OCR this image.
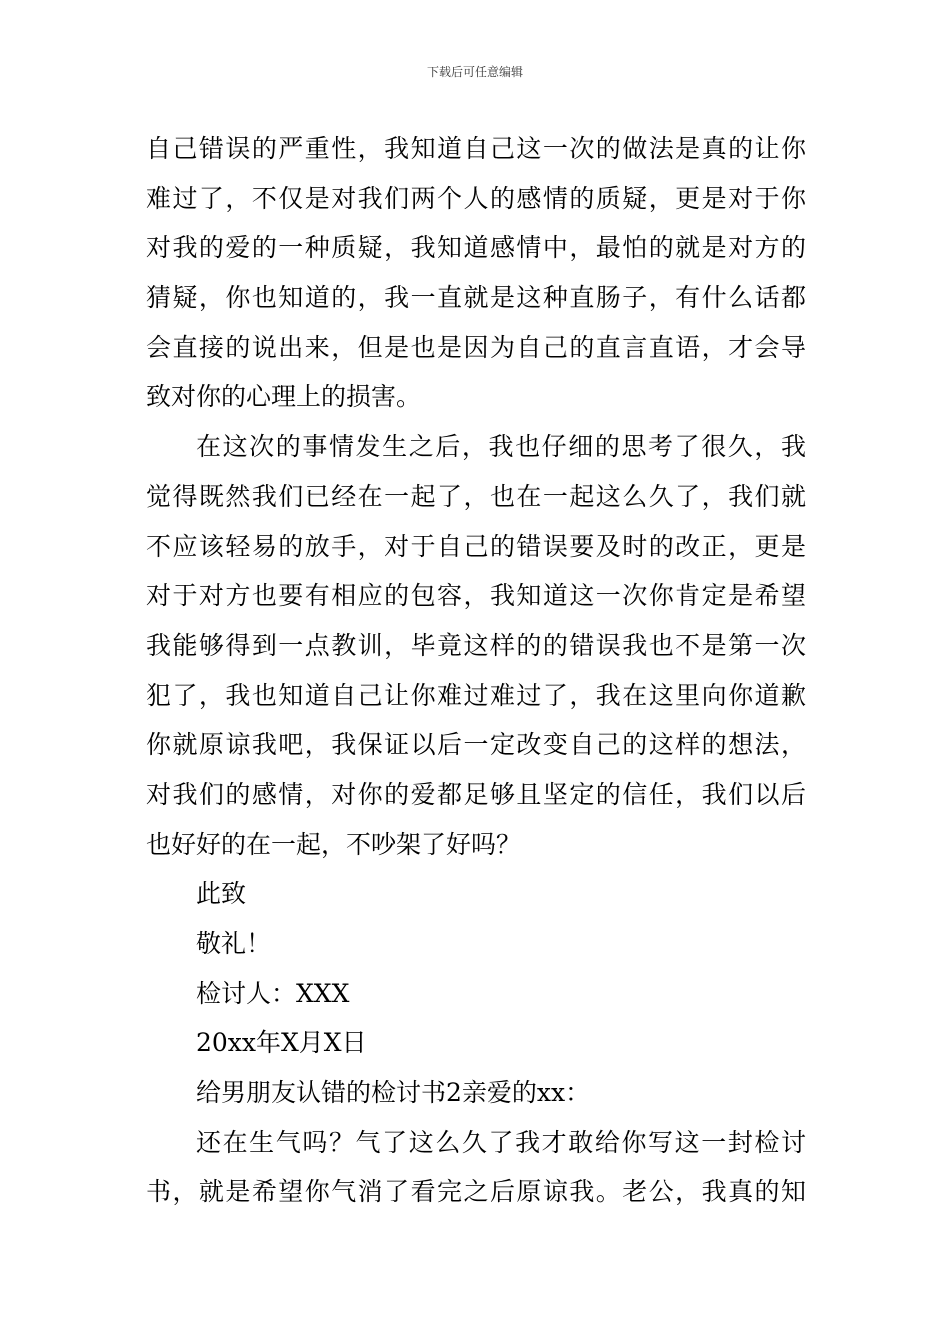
下载后可任意编辑
自己错误的严重性，我知道自己这一次的做法是真的让你
难过了，不仅是对我们两个人的感情的质疑，更是对于你
对我的爱的一种质疑，我知道感情中，最怕的就是对方的
猜疑，你也知道的，我一直就是这种直肠子，有什么话都
会直接的说出来，但是也是因为自己的直言直语，才会导
致对你的心理上的损害。
在这次的事情发生之后，我也仔细的思考了很久，我
觉得既然我们已经在一起了，也在一起这么久了，我们就
不应该轻易的放手，对于自己的错误要及时的改正，更是
对于对方也要有相应的包容，我知道这一次你肯定是希望
我能够得到一点教训，毕竟这样的的错误我也不是第一次
犯了，我也知道自己让你难过难过了，我在这里向你道歉
你就原谅我吧，我保证以后一定改变自己的这样的想法，
对我们的感情，对你的爱都足够且坚定的信任，我们以后
也好好的在一起，不吵架了好吗？
此致
敬礼！
检讨人：XXX
20xx年X月X日
给男朋友认错的检讨书2亲爱的xx：
还在生气吗？气了这么久了我才敢给你写这一封检讨
书，就是希望你气消了看完之后原谅我。老公，我真的知
